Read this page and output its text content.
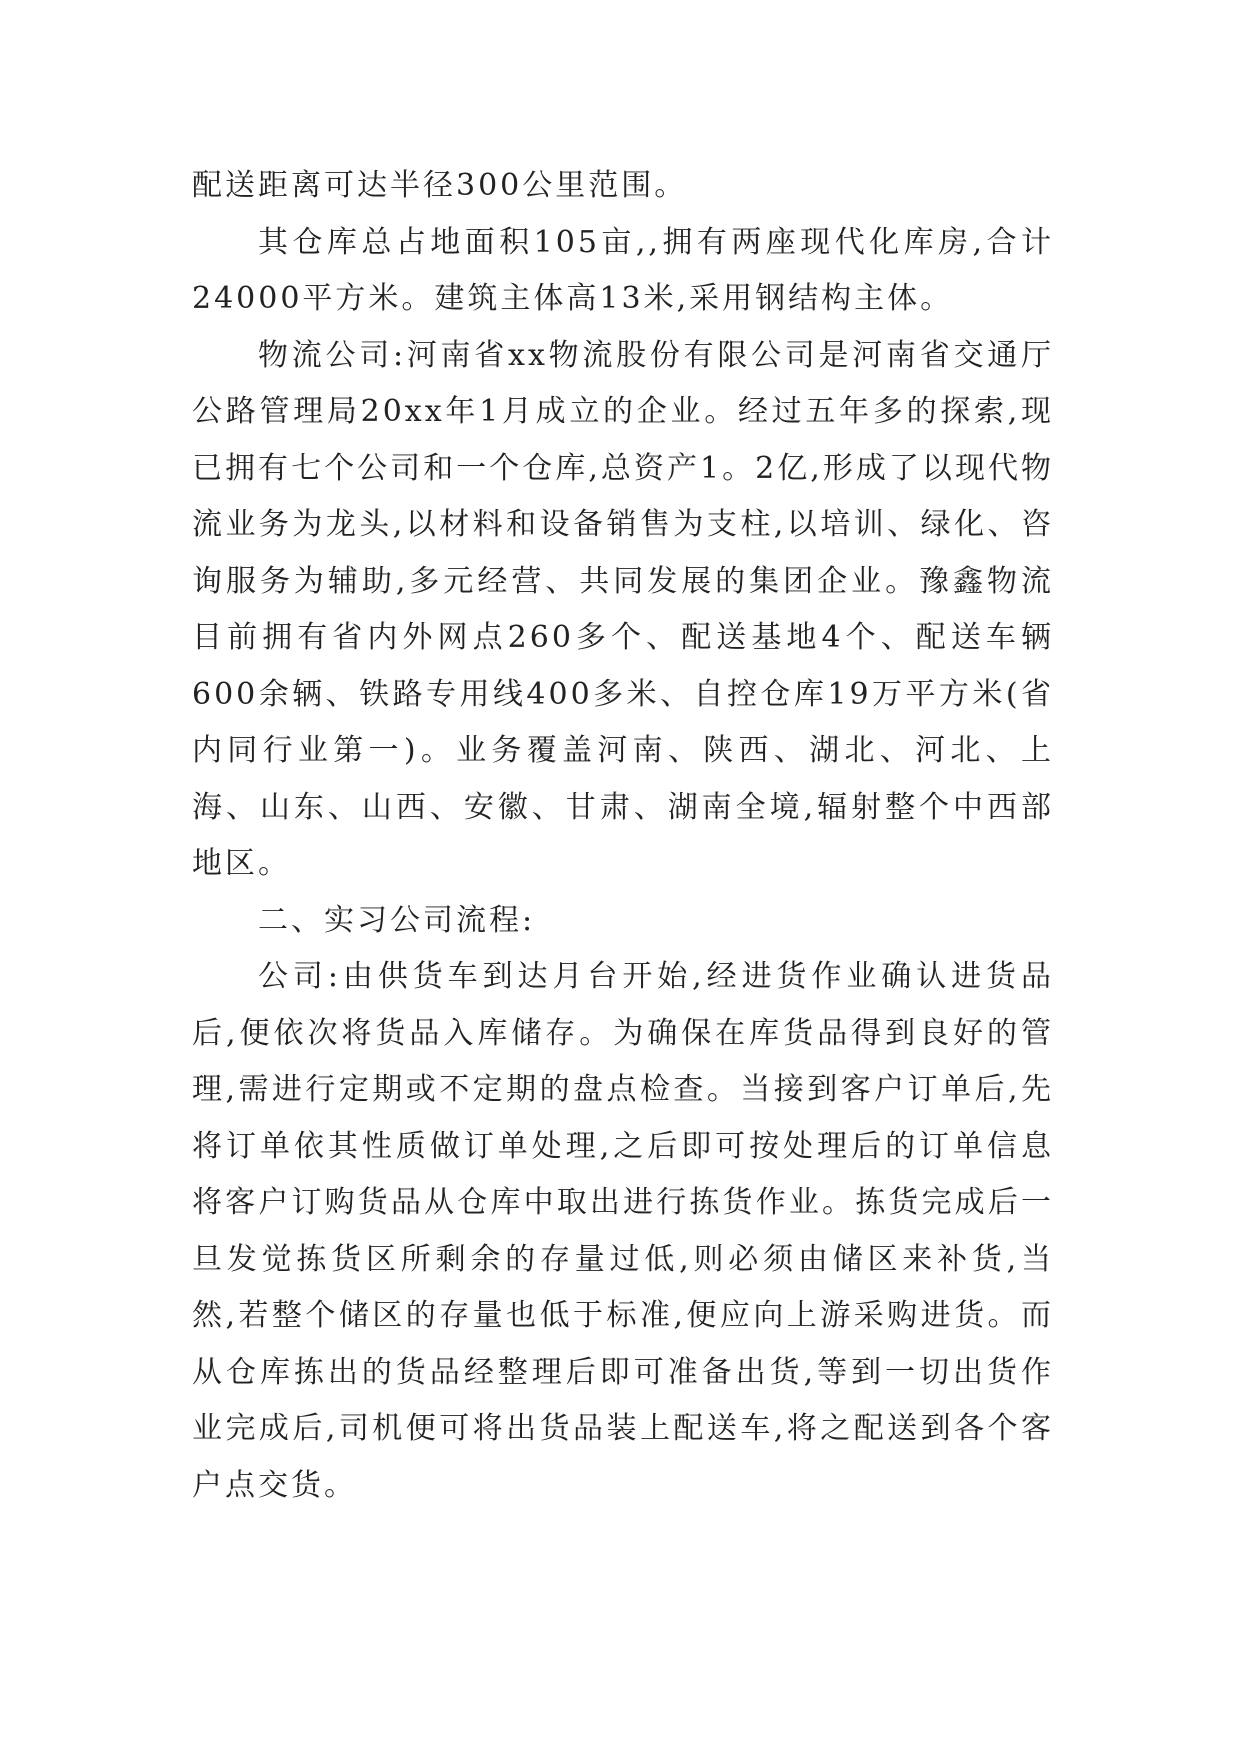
配送距离可达半径300公里范围。

其仓库总占地面积105亩,,拥有两座现代化库房,合计24000平方米。建筑主体高13米,采用钢结构主体。

物流公司:河南省xx物流股份有限公司是河南省交通厅公路管理局20xx年1月成立的企业。经过五年多的探索,现已拥有七个公司和一个仓库,总资产1。2亿,形成了以现代物流业务为龙头,以材料和设备销售为支柱,以培训、绿化、咨询服务为辅助,多元经营、共同发展的集团企业。豫鑫物流目前拥有省内外网点260多个、配送基地4个、配送车辆600余辆、铁路专用线400多米、自控仓库19万平方米(省内同行业第一)。业务覆盖河南、陕西、湖北、河北、上海、山东、山西、安徽、甘肃、湖南全境,辐射整个中西部地区。

二、实习公司流程:

公司:由供货车到达月台开始,经进货作业确认进货品后,便依次将货品入库储存。为确保在库货品得到良好的管理,需进行定期或不定期的盘点检查。当接到客户订单后,先将订单依其性质做订单处理,之后即可按处理后的订单信息将客户订购货品从仓库中取出进行拣货作业。拣货完成后一旦发觉拣货区所剩余的存量过低,则必须由储区来补货,当然,若整个储区的存量也低于标准,便应向上游采购进货。而从仓库拣出的货品经整理后即可准备出货,等到一切出货作业完成后,司机便可将出货品装上配送车,将之配送到各个客户点交货。
